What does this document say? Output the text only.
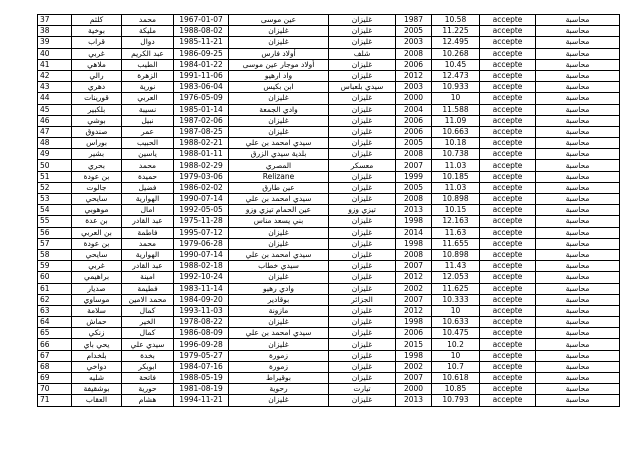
37	كلثم	محمد	1967-01-07	عين موسى	غليزان	1987	10.58	accepte	محاسبة
38	بوخية	مليكة	1988-08-02	غليزان	غليزان	2005	11.225	accepte	محاسبة
39	قراب	دوال	1985-11-21	غليزان	غليزان	2003	12.495	accepte	محاسبة
40	غربي	عبد الكريم	1986-09-25	أولاد فارس	شلف	2008	10.268	accepte	محاسبة
41	ملاهي	الطيب	1984-01-22	أولاد موجار عين موسى	غليزان	2006	10.45	accepte	محاسبة
42	رالي	الزهرة	1991-11-06	واد ارهيو	غليزان	2012	12.473	accepte	محاسبة
43	دهري	نورية	1983-06-04	ابن بكيس	سيدي بلعباس	2003	10.933	accepte	محاسبة
44	قورينات	العربي	1976-05-09	غليزان	غليزان	2000	10	accepte	محاسبة
45	بلكبير	نسيبة	1985-01-14	وادي الجمعة	غليزان	2004	11.588	accepte	محاسبة
46	بوشي	نبيل	1987-02-06	غليزان	غليزان	2006	11.09	accepte	محاسبة
47	صندوق	عمر	1987-08-25	غليزان	غليزان	2006	10.663	accepte	محاسبة
48	بوراس	الحبيب	1988-02-21	سيدي امحمد بن علي	غليزان	2005	10.18	accepte	محاسبة
49	بشير	ياسين	1988-01-11	بلدية سيدي الزرق	غليزان	2008	10.738	accepte	محاسبة
50	بحري	محمد	1988-02-29	المصري	معسكر	2007	11.03	accepte	محاسبة
51	بن عودة	حميدة	1979-03-06	Relizane	غليزان	1999	10.185	accepte	محاسبة
52	جالوت	فضيل	1986-02-02	عين طارق	غليزان	2005	11.03	accepte	محاسبة
53	سايحي	الهوارية	1990-07-14	سيدي امحمد بن علي	غليزان	2008	10.898	accepte	محاسبة
54	موهوبي	امال	1992-05-05	عين الحمام تيزي وزو	تيزي وزو	2013	10.15	accepte	محاسبة
55	بن عدة	عبد القادر	1975-11-28	بني يسعد مناس	غليزان	1998	12.163	accepte	محاسبة
56	بن العربي	فاطمة	1995-07-12	غليزان	غليزان	2014	11.63	accepte	محاسبة
57	بن عودة	محمد	1979-06-28	غليزان	غليزان	1998	11.655	accepte	محاسبة
58	سايحي	الهوارية	1990-07-14	سيدي امحمد بن علي	غليزان	2008	10.898	accepte	محاسبة
59	غربي	عبد القادر	1988-02-18	سيدي خطاب	غليزان	2007	11.43	accepte	محاسبة
60	براهيمي	امينة	1992-10-24	غليزان	غليزان	2012	12.053	accepte	محاسبة
61	صديار	فطيمة	1983-11-14	وادي رهيو	غليزان	2002	11.625	accepte	محاسبة
62	موساوي	محمد الامين	1984-09-20	بوقادير	الجزائر	2007	10.333	accepte	محاسبة
63	سلامة	كمال	1993-11-03	مازونة	غليزان	2012	10	accepte	محاسبة
64	حماش	الخير	1978-08-22	غليزان	غليزان	1998	10.633	accepte	محاسبة
65	زنكي	كمال	1986-08-09	سيدي امحمد بن علي	غليزان	2006	10.475	accepte	محاسبة
66	يحي باي	سيدي علي	1996-09-28	غليزان	غليزان	2015	10.2	accepte	محاسبة
67	بلخدام	بخدة	1979-05-27	زمورة	غليزان	1998	10	accepte	محاسبة
68	دواخي	ابوبكر	1984-07-16	زمورة	غليزان	2002	10.7	accepte	محاسبة
69	شليه	فاتحة	1988-05-19	بوقيراط	غليزان	2007	10.618	accepte	محاسبة
70	بوشقيفة	حورية	1981-08-19	رحوية	تيارت	2000	10.85	accepte	محاسبة
71	العقاب	هشام	1994-11-21	غليزان	غليزان	2013	10.793	accepte	محاسبة
